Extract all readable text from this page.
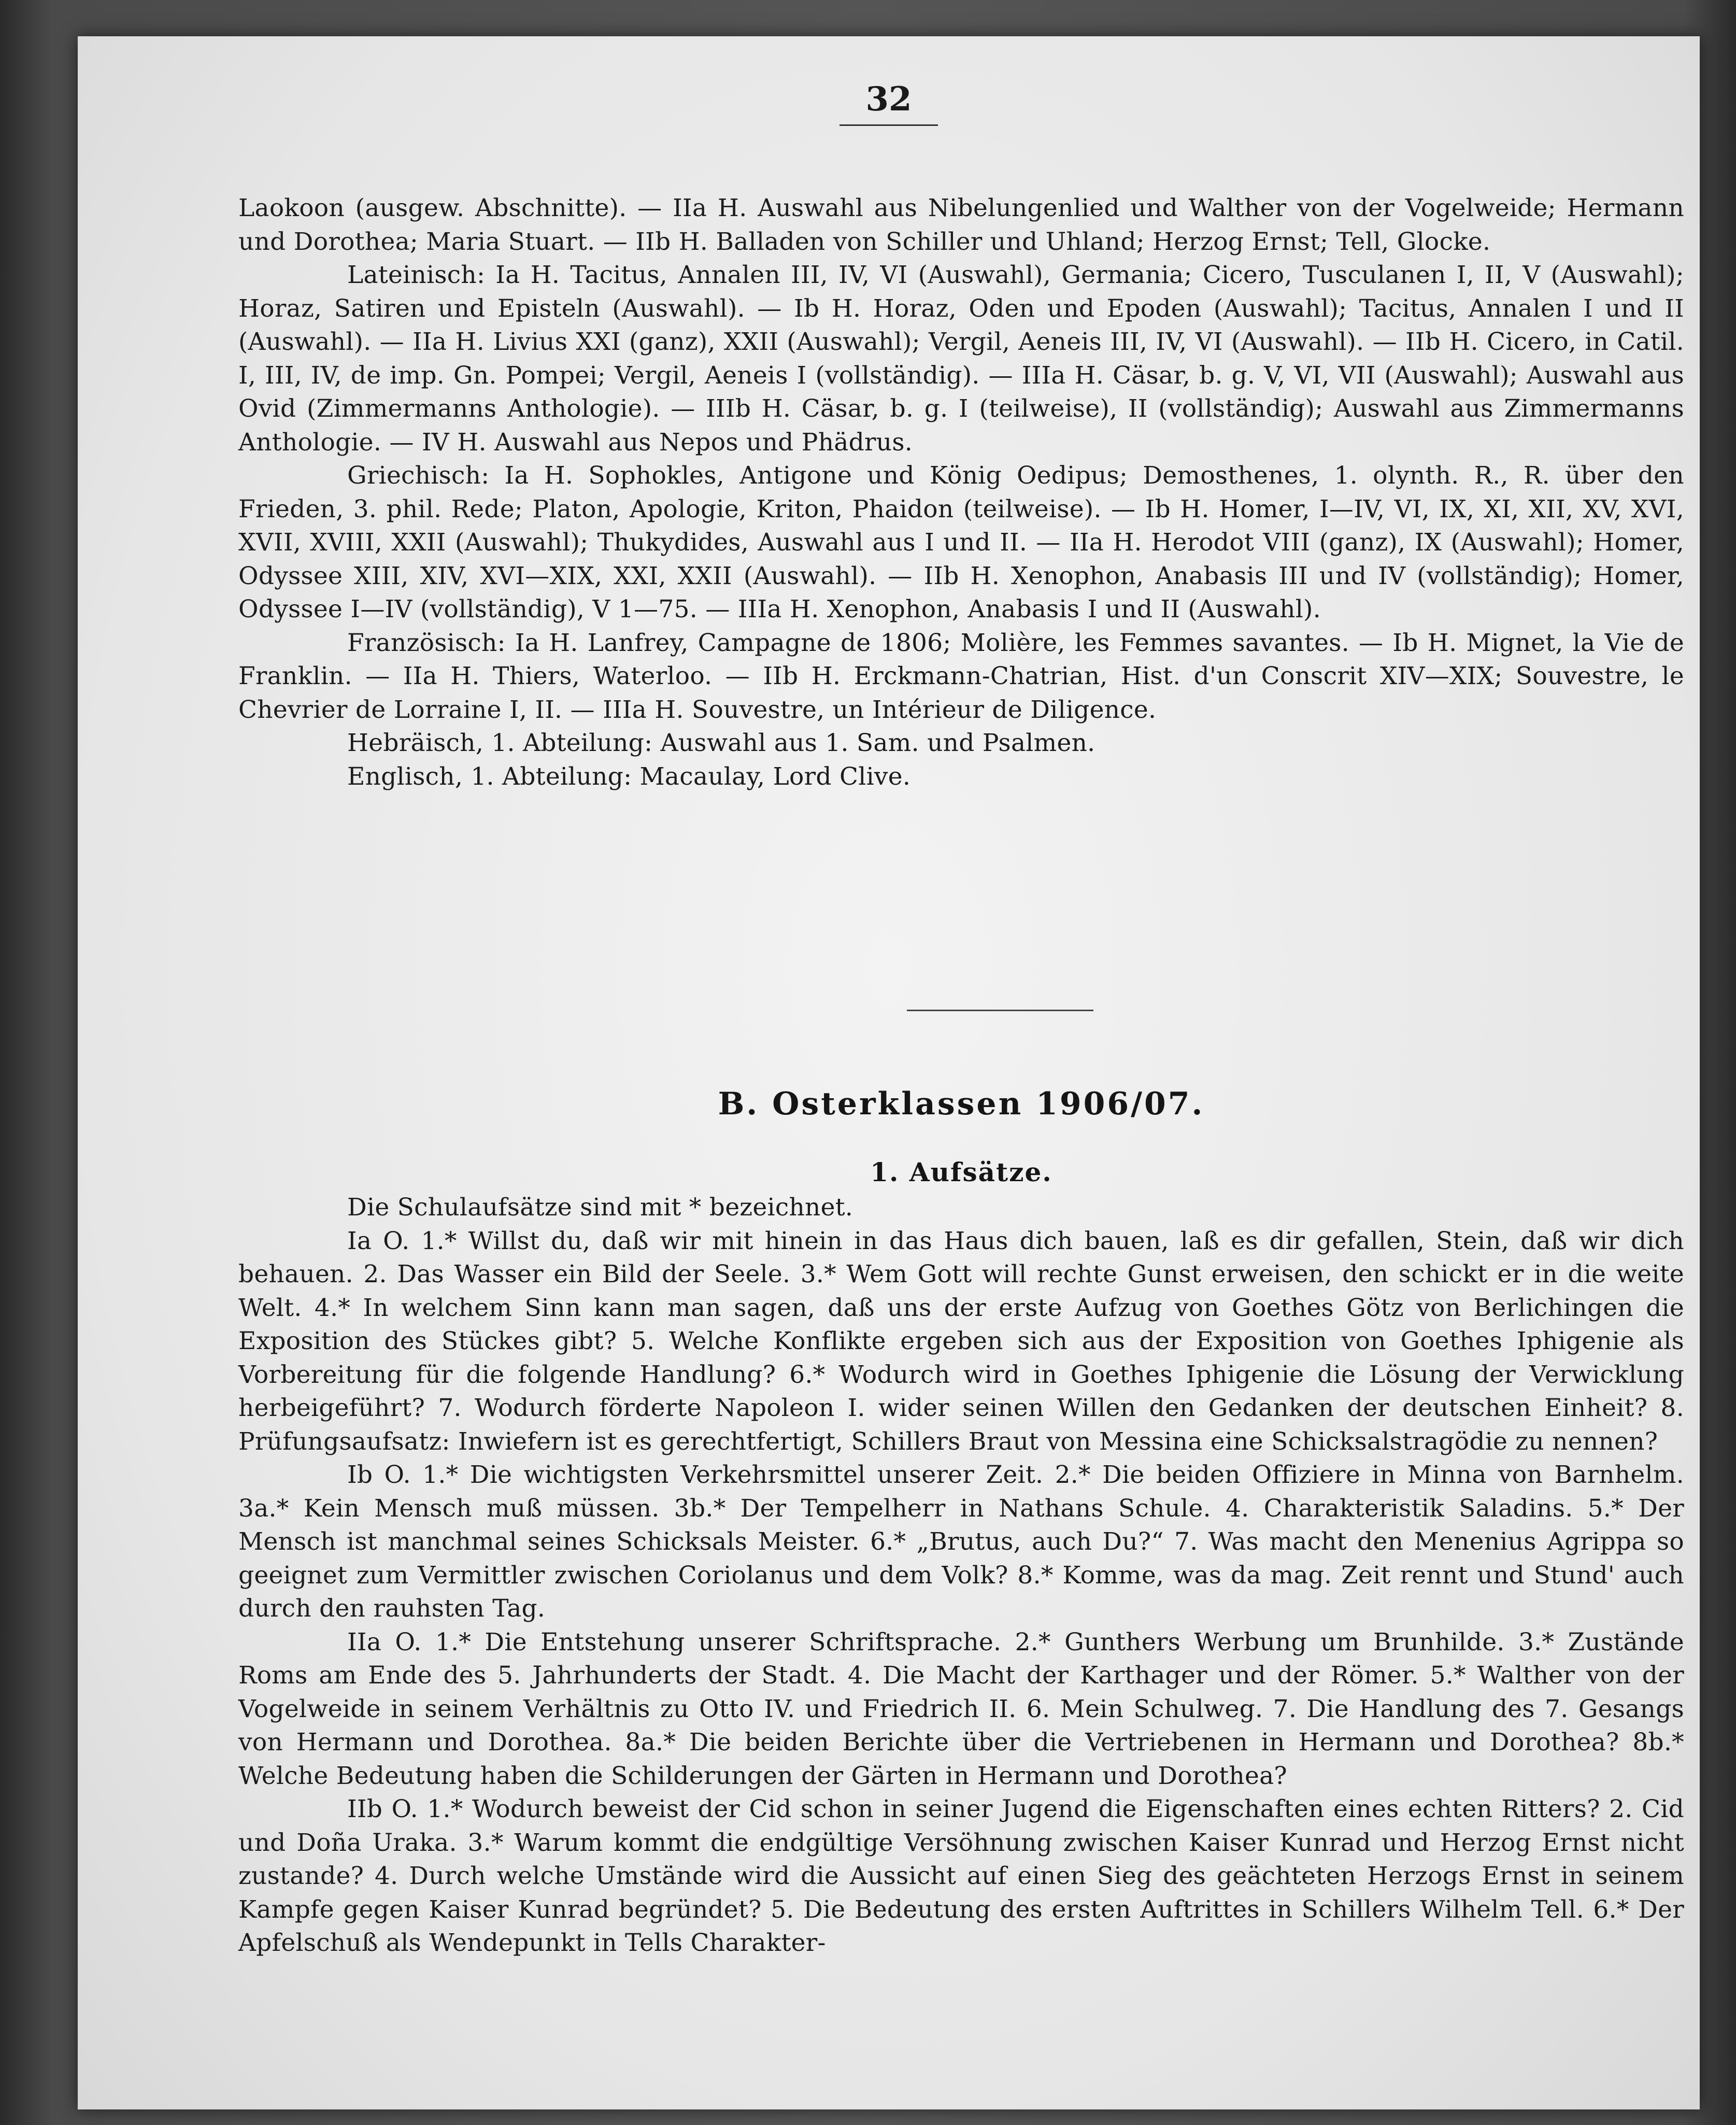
32

Laokoon (ausgew. Abschnitte). — IIa H. Auswahl aus Nibelungenlied und Walther von der Vogelweide; Hermann und Dorothea; Maria Stuart. — IIb H. Balladen von Schiller und Uhland; Herzog Ernst; Tell, Glocke.

Lateinisch: Ia H. Tacitus, Annalen III, IV, VI (Auswahl), Germania; Cicero, Tusculanen I, II, V (Auswahl); Horaz, Satiren und Episteln (Auswahl). — Ib H. Horaz, Oden und Epoden (Auswahl); Tacitus, Annalen I und II (Auswahl). — IIa H. Livius XXI (ganz), XXII (Auswahl); Vergil, Aeneis III, IV, VI (Auswahl). — IIb H. Cicero, in Catil. I, III, IV, de imp. Gn. Pompei; Vergil, Aeneis I (vollständig). — IIIa H. Cäsar, b. g. V, VI, VII (Auswahl); Auswahl aus Ovid (Zimmermanns Anthologie). — IIIb H. Cäsar, b. g. I (teilweise), II (vollständig); Auswahl aus Zimmermanns Anthologie. — IV H. Auswahl aus Nepos und Phädrus.

Griechisch: Ia H. Sophokles, Antigone und König Oedipus; Demosthenes, 1. olynth. R., R. über den Frieden, 3. phil. Rede; Platon, Apologie, Kriton, Phaidon (teilweise). — Ib H. Homer, I—IV, VI, IX, XI, XII, XV, XVI, XVII, XVIII, XXII (Auswahl); Thukydides, Auswahl aus I und II. — IIa H. Herodot VIII (ganz), IX (Auswahl); Homer, Odyssee XIII, XIV, XVI—XIX, XXI, XXII (Auswahl). — IIb H. Xenophon, Anabasis III und IV (vollständig); Homer, Odyssee I—IV (vollständig), V 1—75. — IIIa H. Xenophon, Anabasis I und II (Auswahl).

Französisch: Ia H. Lanfrey, Campagne de 1806; Molière, les Femmes savantes. — Ib H. Mignet, la Vie de Franklin. — IIa H. Thiers, Waterloo. — IIb H. Erckmann-Chatrian, Hist. d'un Conscrit XIV—XIX; Souvestre, le Chevrier de Lorraine I, II. — IIIa H. Souvestre, un Intérieur de Diligence.

Hebräisch, 1. Abteilung: Auswahl aus 1. Sam. und Psalmen.

Englisch, 1. Abteilung: Macaulay, Lord Clive.

B. Osterklassen 1906/07.
1. Aufsätze.

Die Schulaufsätze sind mit * bezeichnet.

Ia O. 1.* Willst du, daß wir mit hinein in das Haus dich bauen, laß es dir gefallen, Stein, daß wir dich behauen. 2. Das Wasser ein Bild der Seele. 3.* Wem Gott will rechte Gunst erweisen, den schickt er in die weite Welt. 4.* In welchem Sinn kann man sagen, daß uns der erste Aufzug von Goethes Götz von Berlichingen die Exposition des Stückes gibt? 5. Welche Konflikte ergeben sich aus der Exposition von Goethes Iphigenie als Vorbereitung für die folgende Handlung? 6.* Wodurch wird in Goethes Iphigenie die Lösung der Verwicklung herbeigeführt? 7. Wodurch förderte Napoleon I. wider seinen Willen den Gedanken der deutschen Einheit? 8. Prüfungsaufsatz: Inwiefern ist es gerechtfertigt, Schillers Braut von Messina eine Schicksalstragödie zu nennen?

Ib O. 1.* Die wichtigsten Verkehrsmittel unserer Zeit. 2.* Die beiden Offiziere in Minna von Barnhelm. 3a.* Kein Mensch muß müssen. 3b.* Der Tempelherr in Nathans Schule. 4. Charakteristik Saladins. 5.* Der Mensch ist manchmal seines Schicksals Meister. 6.* „Brutus, auch Du?“ 7. Was macht den Menenius Agrippa so geeignet zum Vermittler zwischen Coriolanus und dem Volk? 8.* Komme, was da mag. Zeit rennt und Stund' auch durch den rauhsten Tag.

IIa O. 1.* Die Entstehung unserer Schriftsprache. 2.* Gunthers Werbung um Brunhilde. 3.* Zustände Roms am Ende des 5. Jahrhunderts der Stadt. 4. Die Macht der Karthager und der Römer. 5.* Walther von der Vogelweide in seinem Verhältnis zu Otto IV. und Friedrich II. 6. Mein Schulweg. 7. Die Handlung des 7. Gesangs von Hermann und Dorothea. 8a.* Die beiden Berichte über die Vertriebenen in Hermann und Dorothea? 8b.* Welche Bedeutung haben die Schilderungen der Gärten in Hermann und Dorothea?

IIb O. 1.* Wodurch beweist der Cid schon in seiner Jugend die Eigenschaften eines echten Ritters? 2. Cid und Doña Uraka. 3.* Warum kommt die endgültige Versöhnung zwischen Kaiser Kunrad und Herzog Ernst nicht zustande? 4. Durch welche Umstände wird die Aussicht auf einen Sieg des geächteten Herzogs Ernst in seinem Kampfe gegen Kaiser Kunrad begründet? 5. Die Bedeutung des ersten Auftrittes in Schillers Wilhelm Tell. 6.* Der Apfelschuß als Wendepunkt in Tells Charakter-
